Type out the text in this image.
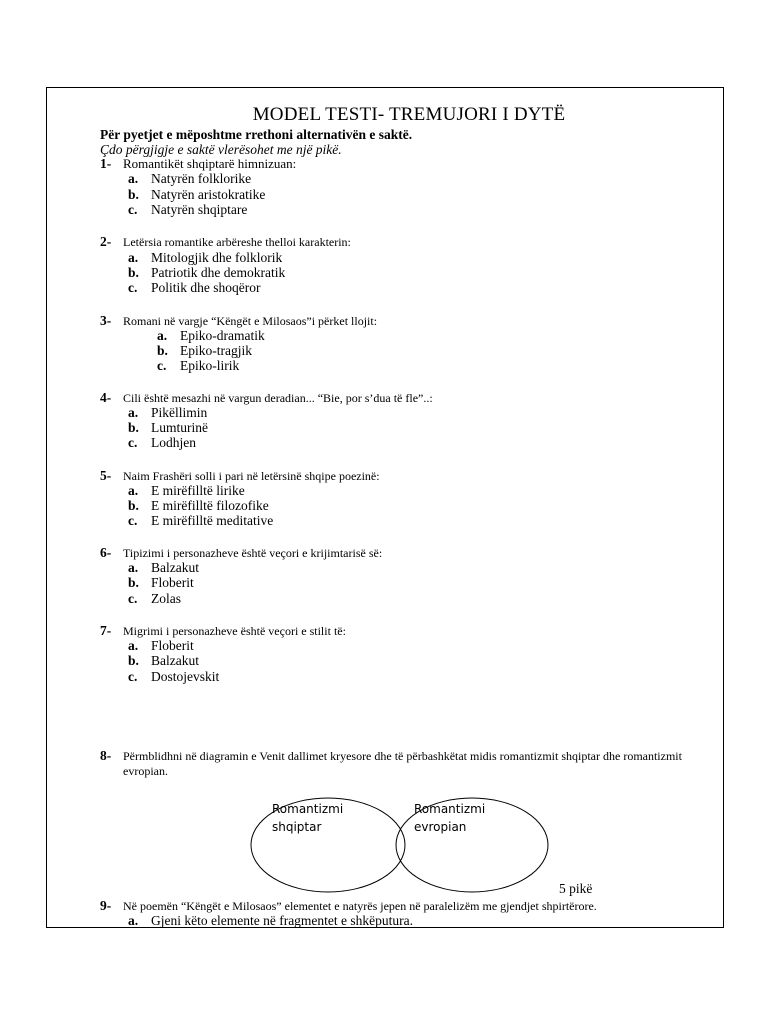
MODEL TESTI- TREMUJORI I DYTË
Për pyetjet e mëposhtme rrethoni alternativën e saktë.
Çdo përgjigje e saktë vlerësohet me një pikë.
1- Romantikët shqiptarë himnizuan:
a. Natyrën folklorike
b. Natyrën aristokratike
c. Natyrën shqiptare
2- Letërsia romantike arbëreshe thelloi karakterin:
a. Mitologjik dhe folklorik
b. Patriotik dhe demokratik
c. Politik dhe shoqëror
3- Romani në vargje “Këngët e Milosaos”i përket llojit:
a. Epiko-dramatik
b. Epiko-tragjik
c. Epiko-lirik
4- Cili është mesazhi në vargun deradian... “Bie, por s’dua të fle”..:
a. Pikëllimin
b. Lumturinë
c. Lodhjen
5- Naim Frashëri solli i pari në letërsinë shqipe poezinë:
a. E mirëfilltë lirike
b. E mirëfilltë filozofike
c. E mirëfilltë meditative
6- Tipizimi i personazheve është veçori e krijimtarisë së:
a. Balzakut
b. Floberit
c. Zolas
7- Migrimi i personazheve është veçori e stilit të:
a. Floberit
b. Balzakut
c. Dostojevskit
8- Përmblidhni në diagramin e Venit dallimet kryesore dhe të përbashkëtat midis romantizmit shqiptar dhe romantizmit evropian.
Romantizmi
shqiptar
Romantizmi
evropian
5 pikë
9- Në poemën “Këngët e Milosaos” elementet e natyrës jepen në paralelizëm me gjendjet shpirtërore.
a. Gjeni këto elemente në fragmentet e shkëputura.
